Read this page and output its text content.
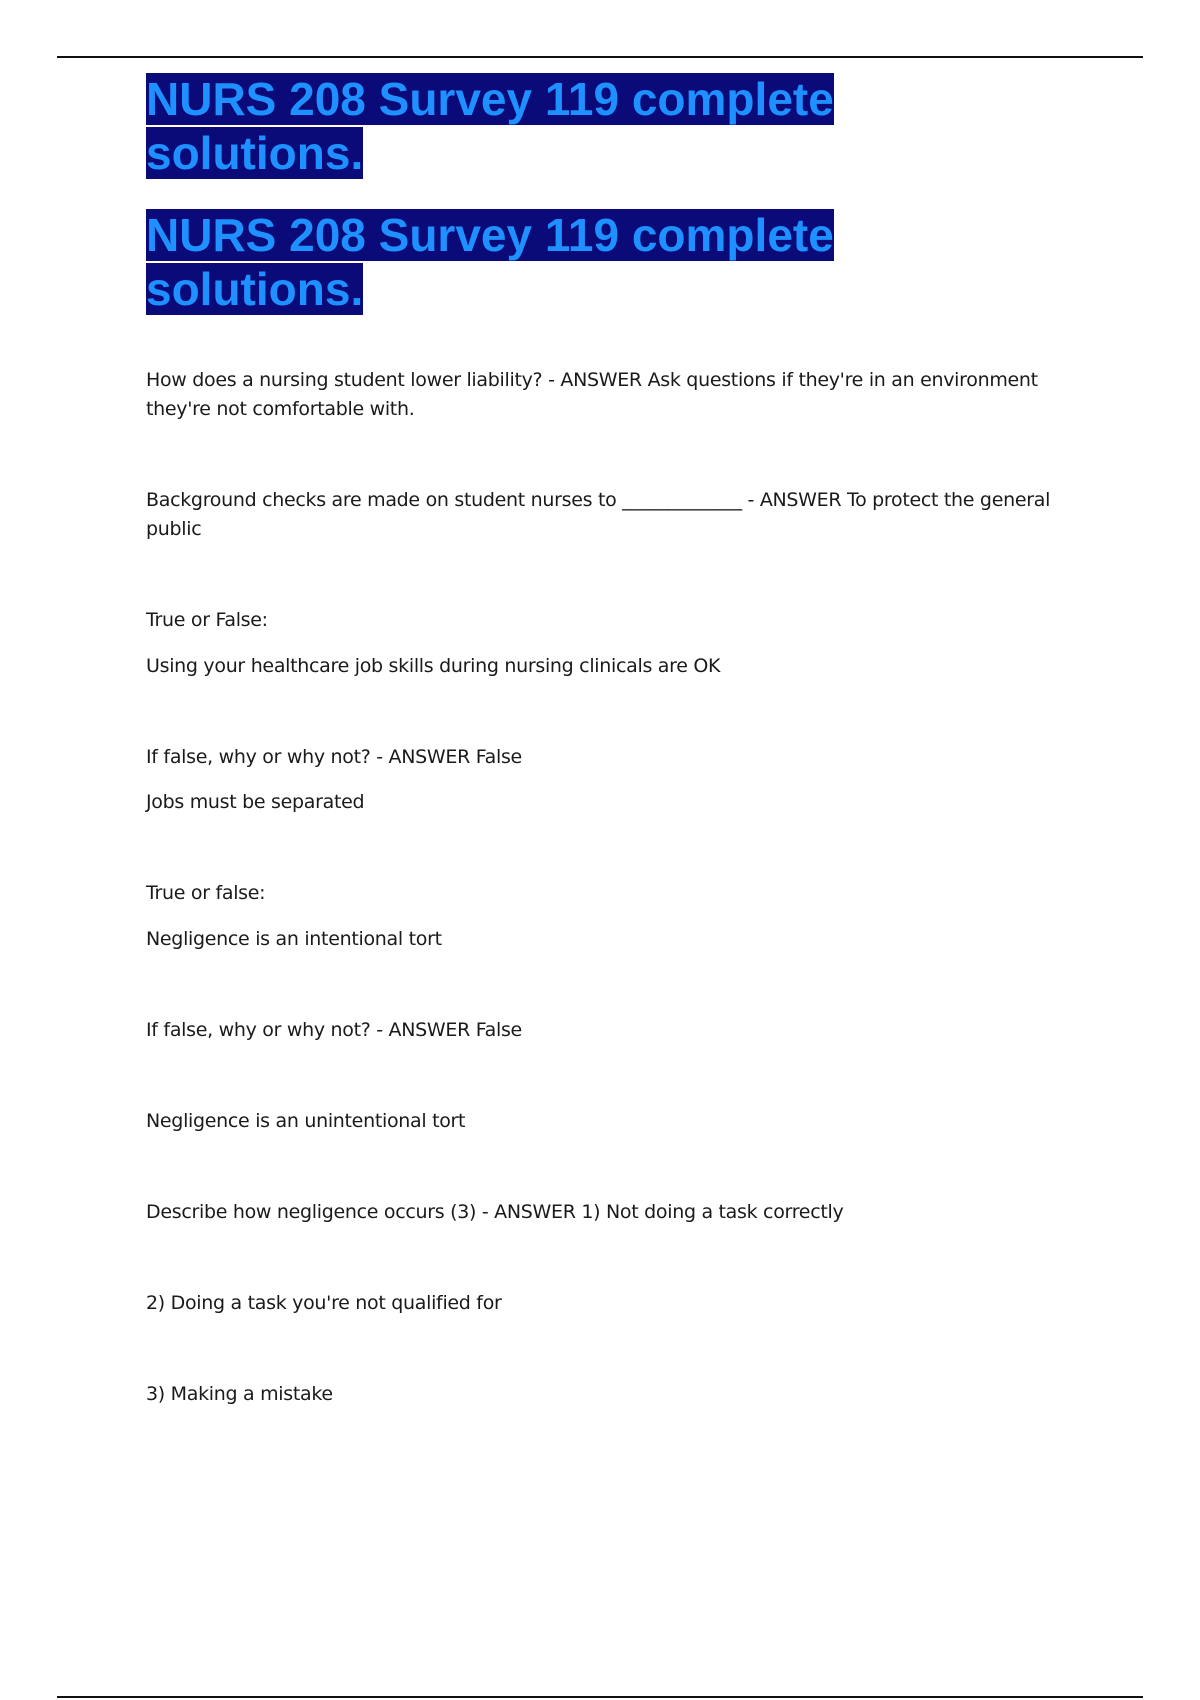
NURS 208 Survey 119 complete solutions.
NURS 208 Survey 119 complete solutions.

How does a nursing student lower liability? - ANSWER Ask questions if they're in an environment they're not comfortable with.

Background checks are made on student nurses to _____________ - ANSWER To protect the general public

True or False:

Using your healthcare job skills during nursing clinicals are OK

If false, why or why not? - ANSWER False

Jobs must be separated

True or false:

Negligence is an intentional tort

If false, why or why not? - ANSWER False

Negligence is an unintentional tort

Describe how negligence occurs (3) - ANSWER 1) Not doing a task correctly

2) Doing a task you're not qualified for

3) Making a mistake
